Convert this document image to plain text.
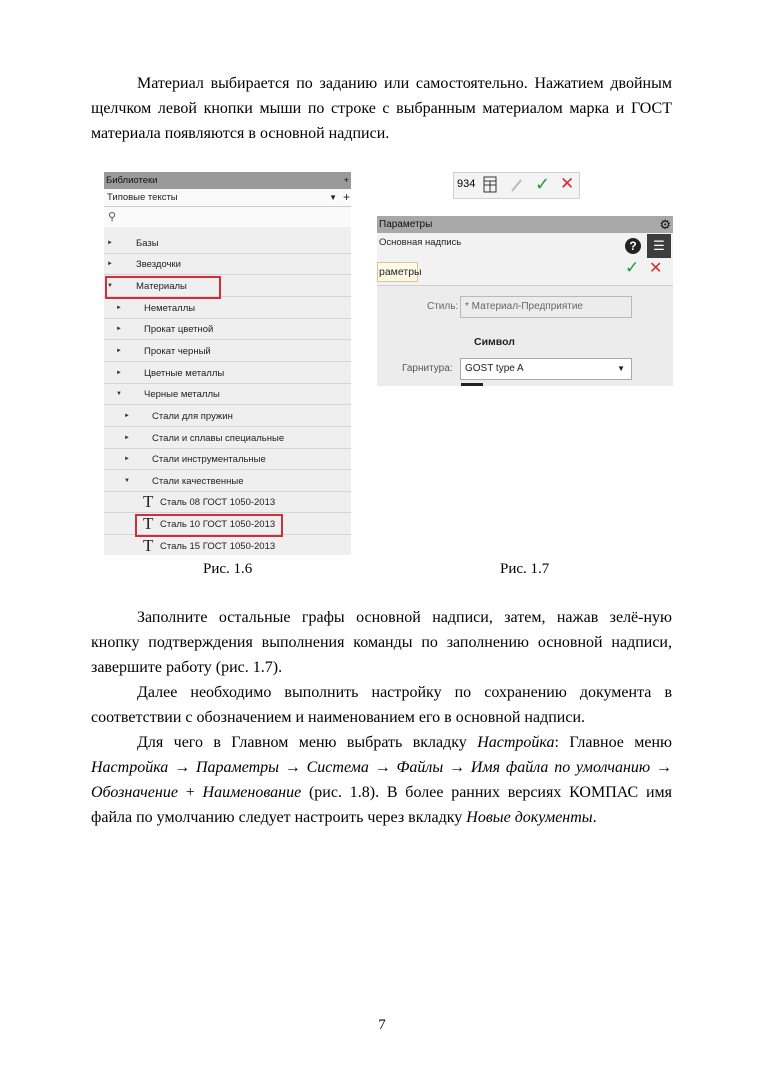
Материал выбирается по заданию или самостоятельно. Нажатием двойным щелчком левой кнопки мыши по строке с выбранным материалом марка и ГОСТ материала появляются в основной надписи.

Библиотеки	+
Типовые тексты	▼ +
⚲
► Базы
► Звездочки
▼ Материалы
► Неметаллы
► Прокат цветной
► Прокат черный
► Цветные металлы
▼ Черные металлы
► Стали для пружин
► Стали и сплавы специальные
► Стали инструментальные
▼ Стали качественные
T Сталь 08 ГОСТ 1050-2013
T Сталь 10 ГОСТ 1050-2013
T Сталь 15 ГОСТ 1050-2013
Рис. 1.6
934	✓ ✕
Параметры	⚙
Основная надпись	?	☰
раметры	✓ ✕
Стиль: * Материал-Предприятие
Символ
Гарнитура:	GOST type A	▼
Рис. 1.7

Заполните остальные графы основной надписи, затем, нажав зелё-ную кнопку подтверждения выполнения команды по заполнению основной надписи, завершите работу (рис. 1.7).

Далее необходимо выполнить настройку по сохранению документа в соответствии с обозначением и наименованием его в основной надписи.

Для чего в Главном меню выбрать вкладку Настройка: Главное меню Настройка → Параметры → Система → Файлы → Имя файла по умолчанию → Обозначение + Наименование (рис. 1.8). В более ранних версиях КОМПАС имя файла по умолчанию следует настроить через вкладку Новые документы.

7
